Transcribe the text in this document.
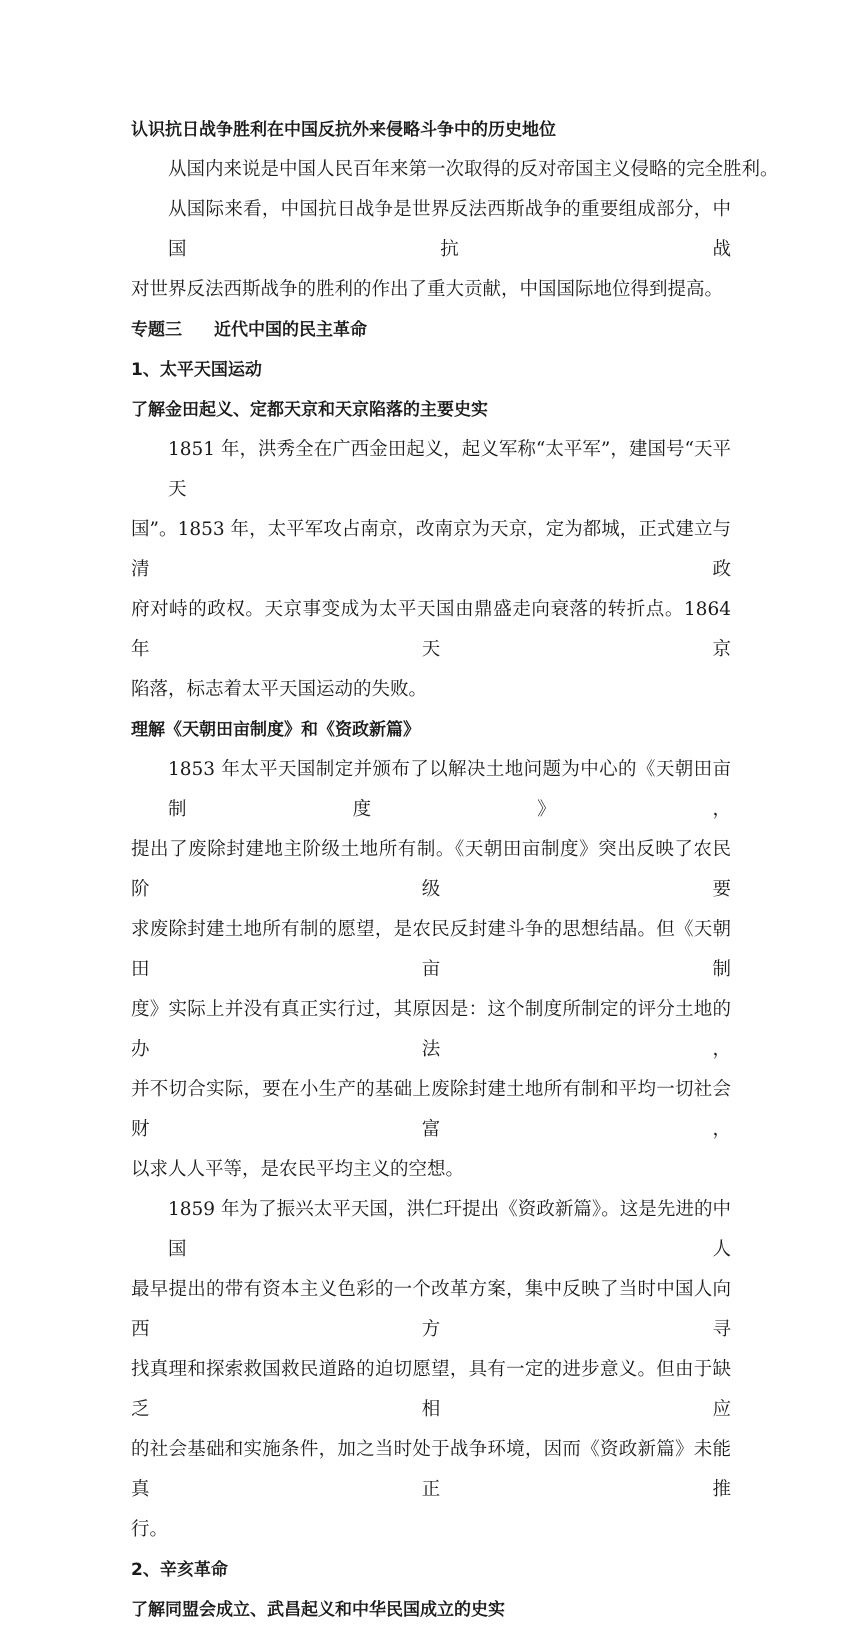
认识抗日战争胜利在中国反抗外来侵略斗争中的历史地位
从国内来说是中国人民百年来第一次取得的反对帝国主义侵略的完全胜利。
从国际来看，中国抗日战争是世界反法西斯战争的重要组成部分，中国抗战
对世界反法西斯战争的胜利的作出了重大贡献，中国国际地位得到提高。
专题三 近代中国的民主革命
1、太平天国运动
了解金田起义、定都天京和天京陷落的主要史实
1851 年，洪秀全在广西金田起义，起义军称“太平军”，建国号“天平天
国”。1853 年，太平军攻占南京，改南京为天京，定为都城，正式建立与清政
府对峙的政权。天京事变成为太平天国由鼎盛走向衰落的转折点。1864 年天京
陷落，标志着太平天国运动的失败。
理解《天朝田亩制度》和《资政新篇》
1853 年太平天国制定并颁布了以解决土地问题为中心的《天朝田亩制度》，
提出了废除封建地主阶级土地所有制。《天朝田亩制度》突出反映了农民阶级要
求废除封建土地所有制的愿望，是农民反封建斗争的思想结晶。但《天朝田亩制
度》实际上并没有真正实行过，其原因是：这个制度所制定的评分土地的办法，
并不切合实际，要在小生产的基础上废除封建土地所有制和平均一切社会财富，
以求人人平等，是农民平均主义的空想。
1859 年为了振兴太平天国，洪仁玕提出《资政新篇》。这是先进的中国人
最早提出的带有资本主义色彩的一个改革方案，集中反映了当时中国人向西方寻
找真理和探索救国救民道路的迫切愿望，具有一定的进步意义。但由于缺乏相应
的社会基础和实施条件，加之当时处于战争环境，因而《资政新篇》未能真正推
行。
2、辛亥革命
了解同盟会成立、武昌起义和中华民国成立的史实
